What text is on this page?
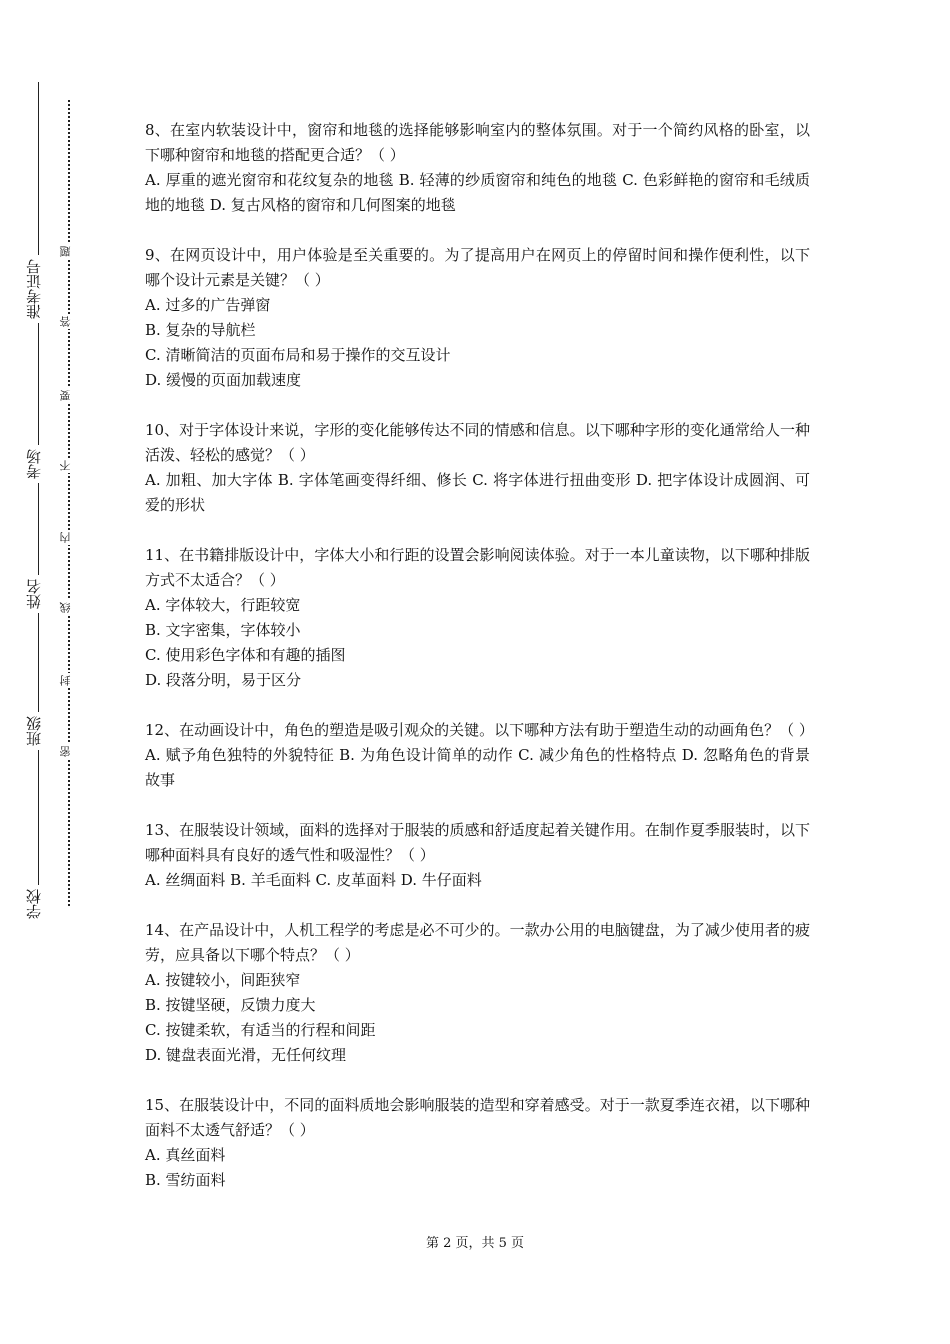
准考证号
考场
姓名
班级
学校
题
答
要
不
内
线
封
密

8、在室内软装设计中，窗帘和地毯的选择能够影响室内的整体氛围。对于一个简约风格的卧室，以下哪种窗帘和地毯的搭配更合适？（ ）

A. 厚重的遮光窗帘和花纹复杂的地毯 B. 轻薄的纱质窗帘和纯色的地毯 C. 色彩鲜艳的窗帘和毛绒质地的地毯 D. 复古风格的窗帘和几何图案的地毯

9、在网页设计中，用户体验是至关重要的。为了提高用户在网页上的停留时间和操作便利性，以下哪个设计元素是关键？（ ）

A. 过多的广告弹窗
B. 复杂的导航栏
C. 清晰简洁的页面布局和易于操作的交互设计
D. 缓慢的页面加载速度

10、对于字体设计来说，字形的变化能够传达不同的情感和信息。以下哪种字形的变化通常给人一种活泼、轻松的感觉？（ ）

A. 加粗、加大字体 B. 字体笔画变得纤细、修长 C. 将字体进行扭曲变形 D. 把字体设计成圆润、可爱的形状

11、在书籍排版设计中，字体大小和行距的设置会影响阅读体验。对于一本儿童读物，以下哪种排版方式不太适合？（ ）

A. 字体较大，行距较宽
B. 文字密集，字体较小
C. 使用彩色字体和有趣的插图
D. 段落分明，易于区分

12、在动画设计中，角色的塑造是吸引观众的关键。以下哪种方法有助于塑造生动的动画角色？（ ）

A. 赋予角色独特的外貌特征 B. 为角色设计简单的动作 C. 减少角色的性格特点 D. 忽略角色的背景故事

13、在服装设计领域，面料的选择对于服装的质感和舒适度起着关键作用。在制作夏季服装时，以下哪种面料具有良好的透气性和吸湿性？（ ）

A. 丝绸面料 B. 羊毛面料 C. 皮革面料 D. 牛仔面料

14、在产品设计中，人机工程学的考虑是必不可少的。一款办公用的电脑键盘，为了减少使用者的疲劳，应具备以下哪个特点？（ ）

A. 按键较小，间距狭窄
B. 按键坚硬，反馈力度大
C. 按键柔软，有适当的行程和间距
D. 键盘表面光滑，无任何纹理

15、在服装设计中，不同的面料质地会影响服装的造型和穿着感受。对于一款夏季连衣裙，以下哪种面料不太透气舒适？（ ）

A. 真丝面料
B. 雪纺面料
第 2 页，共 5 页
